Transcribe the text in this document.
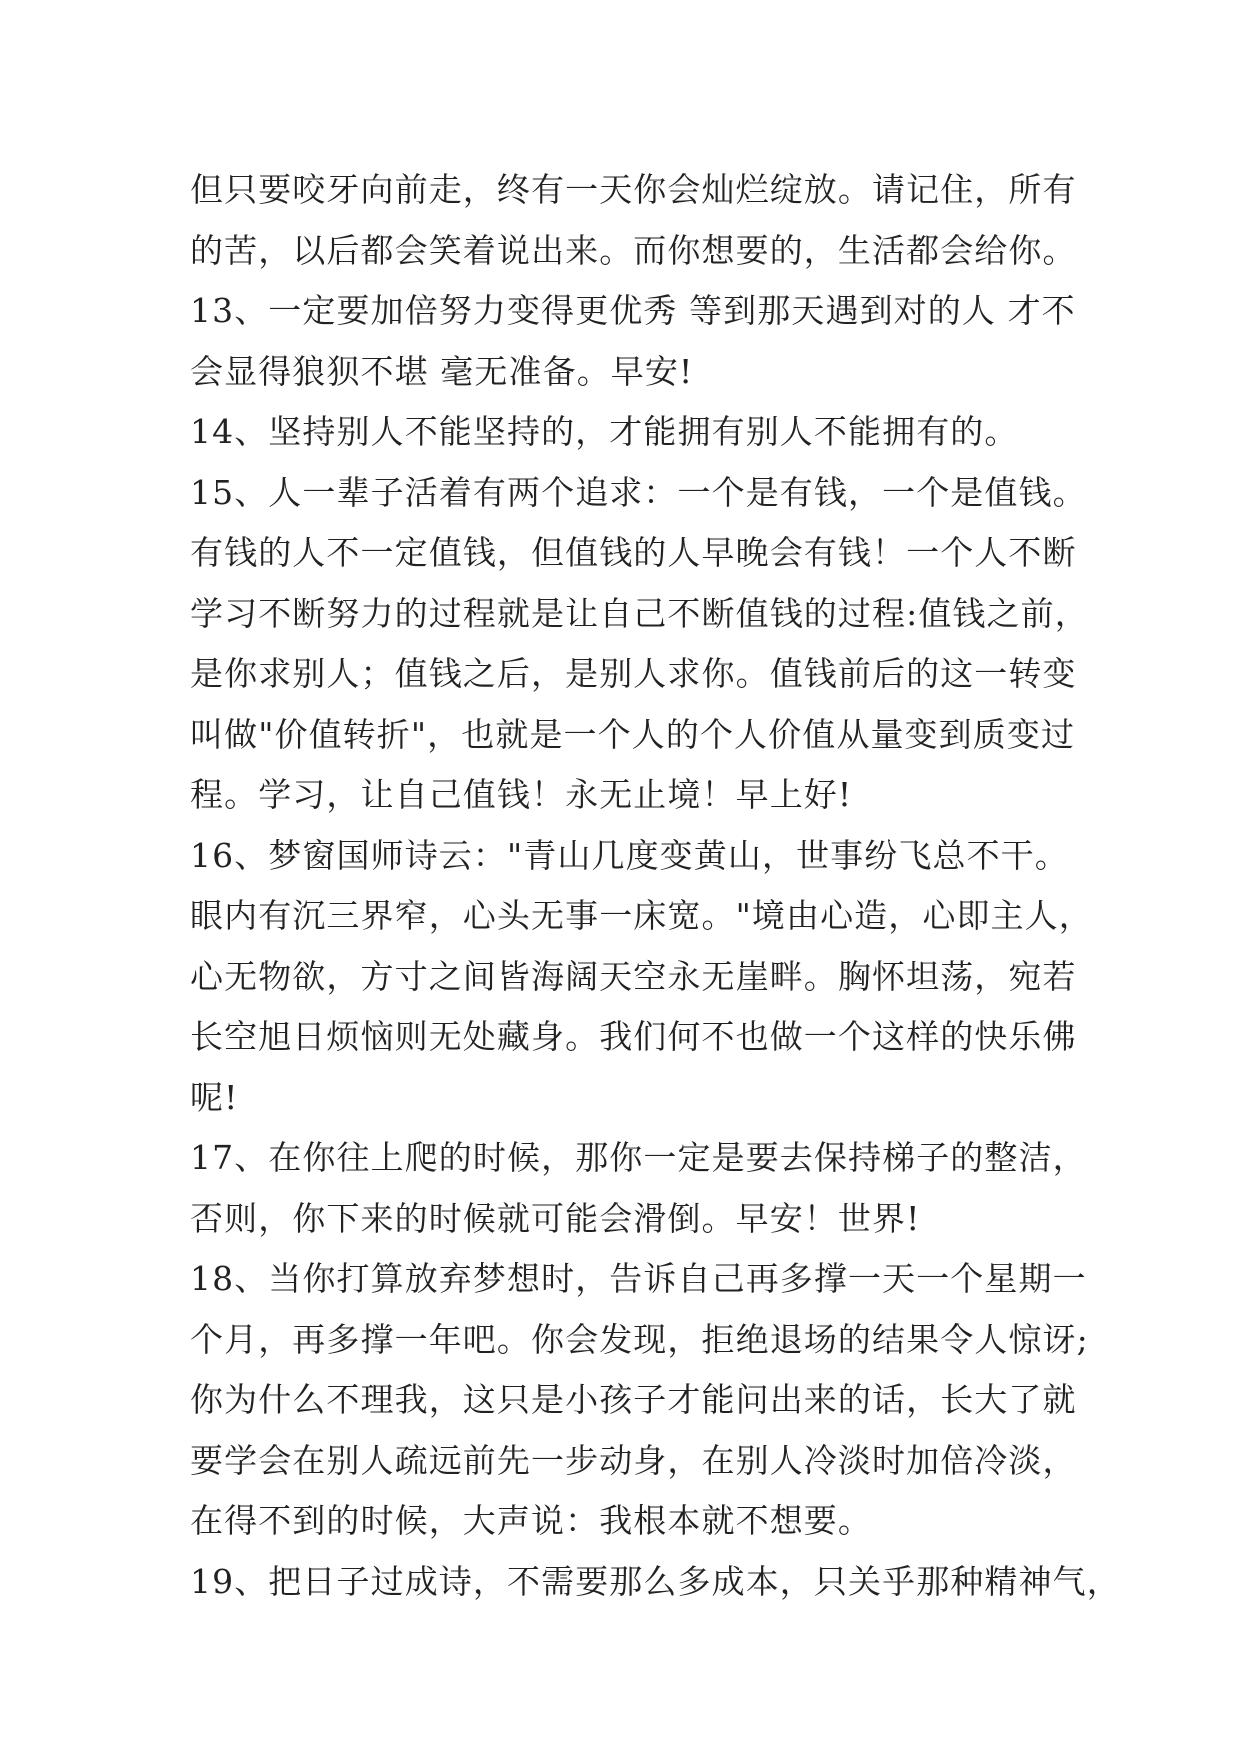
但只要咬牙向前走，终有一天你会灿烂绽放。请记住，所有
的苦，以后都会笑着说出来。而你想要的，生活都会给你。
13、一定要加倍努力变得更优秀 等到那天遇到对的人 才不
会显得狼狈不堪 毫无准备。早安!
14、坚持别人不能坚持的，才能拥有别人不能拥有的。
15、人一辈子活着有两个追求：一个是有钱，一个是值钱。
有钱的人不一定值钱，但值钱的人早晚会有钱！一个人不断
学习不断努力的过程就是让自己不断值钱的过程:值钱之前，
是你求别人；值钱之后，是别人求你。值钱前后的这一转变
叫做"价值转折"，也就是一个人的个人价值从量变到质变过
程。学习，让自己值钱！永无止境！早上好!
16、梦窗国师诗云："青山几度变黄山，世事纷飞总不干。
眼内有沉三界窄，心头无事一床宽。"境由心造，心即主人，
心无物欲，方寸之间皆海阔天空永无崖畔。胸怀坦荡，宛若
长空旭日烦恼则无处藏身。我们何不也做一个这样的快乐佛
呢!
17、在你往上爬的时候，那你一定是要去保持梯子的整洁，
否则，你下来的时候就可能会滑倒。早安！世界!
18、当你打算放弃梦想时，告诉自己再多撑一天一个星期一
个月，再多撑一年吧。你会发现，拒绝退场的结果令人惊讶;
你为什么不理我，这只是小孩子才能问出来的话，长大了就
要学会在别人疏远前先一步动身，在别人冷淡时加倍冷淡，
在得不到的时候，大声说：我根本就不想要。
19、把日子过成诗，不需要那么多成本，只关乎那种精神气，
